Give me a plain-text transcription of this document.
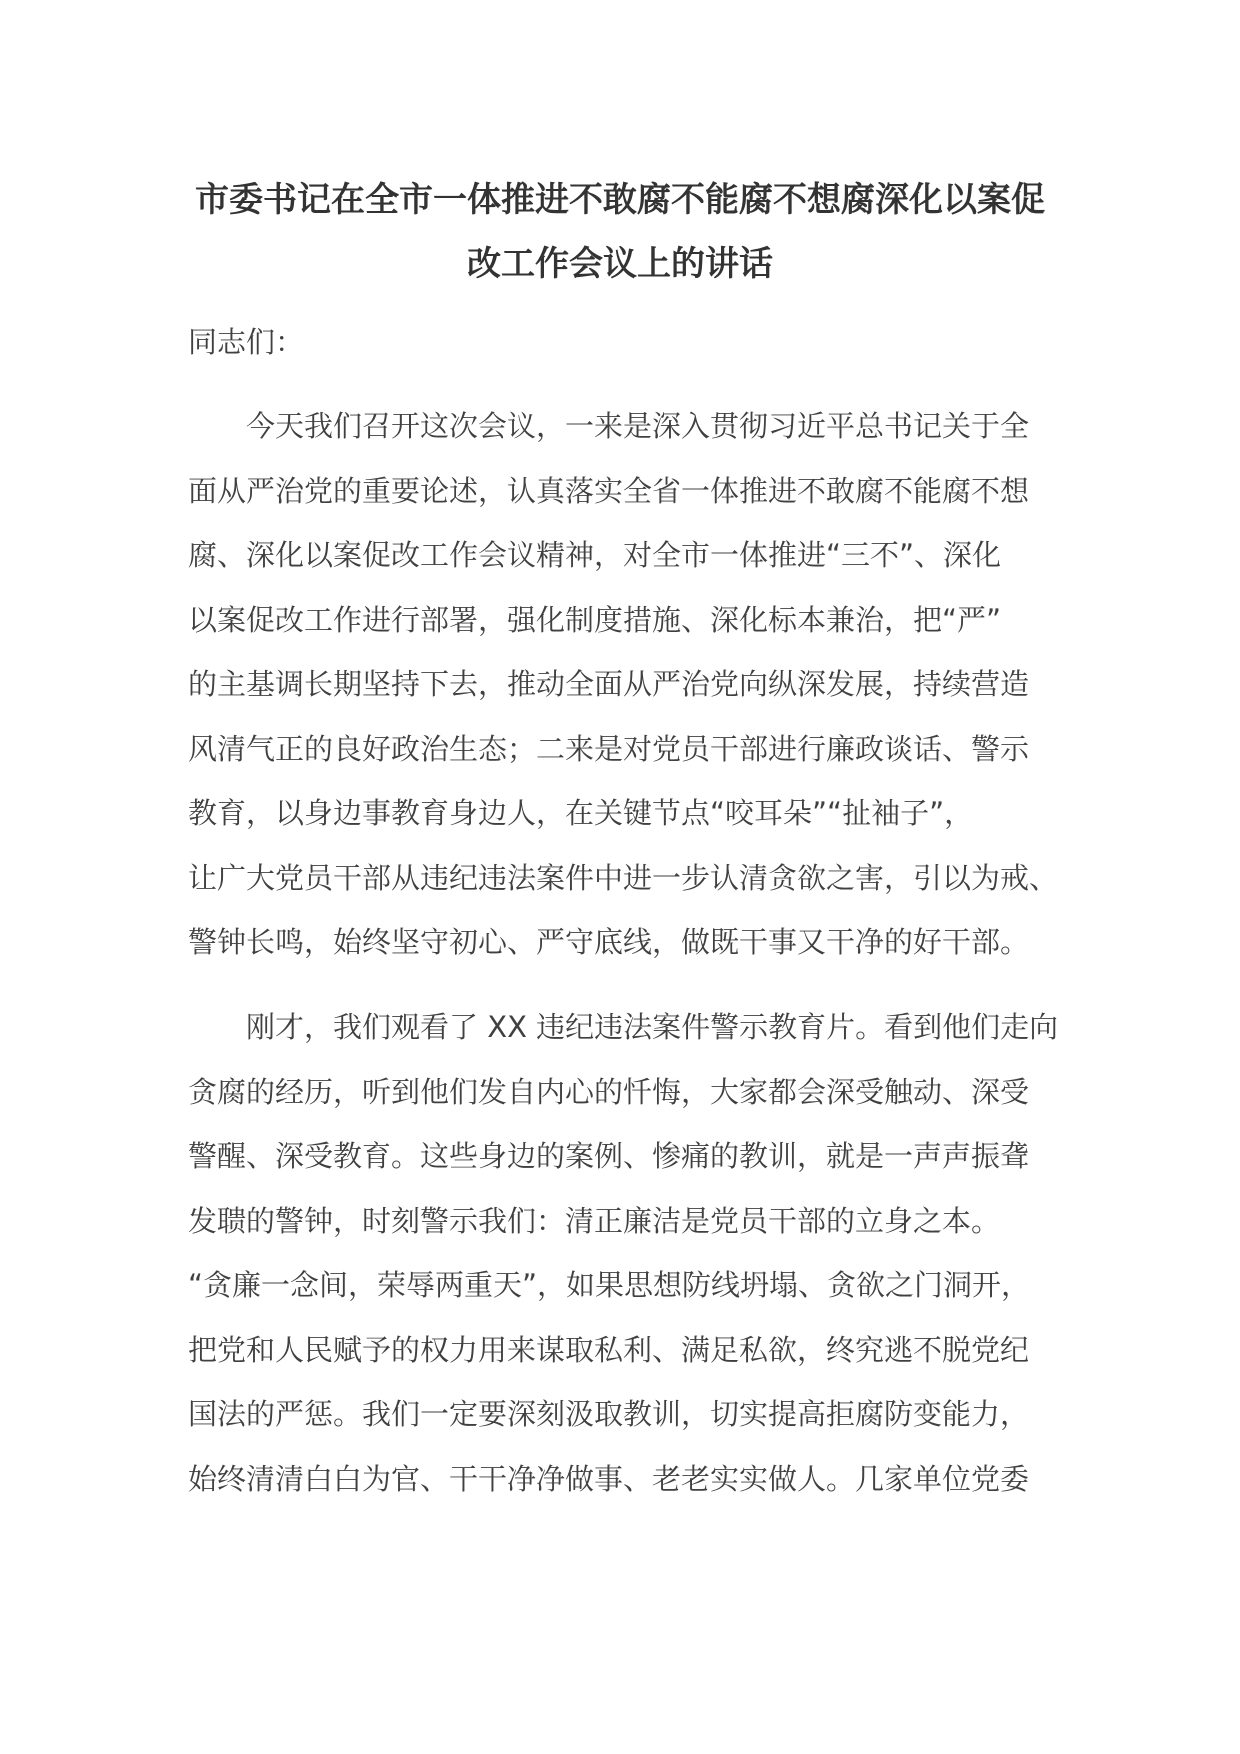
市委书记在全市一体推进不敢腐不能腐不想腐深化以案促
改工作会议上的讲话
同志们：
　　今天我们召开这次会议，一来是深入贯彻习近平总书记关于全
面从严治党的重要论述，认真落实全省一体推进不敢腐不能腐不想
腐、深化以案促改工作会议精神，对全市一体推进“三不”、深化
以案促改工作进行部署，强化制度措施、深化标本兼治，把“严”
的主基调长期坚持下去，推动全面从严治党向纵深发展，持续营造
风清气正的良好政治生态；二来是对党员干部进行廉政谈话、警示
教育，以身边事教育身边人，在关键节点“咬耳朵”“扯袖子”，
让广大党员干部从违纪违法案件中进一步认清贪欲之害，引以为戒、
警钟长鸣，始终坚守初心、严守底线，做既干事又干净的好干部。
　　刚才，我们观看了 XX 违纪违法案件警示教育片。看到他们走向
贪腐的经历，听到他们发自内心的忏悔，大家都会深受触动、深受
警醒、深受教育。这些身边的案例、惨痛的教训，就是一声声振聋
发聩的警钟，时刻警示我们：清正廉洁是党员干部的立身之本。
“贪廉一念间，荣辱两重天”，如果思想防线坍塌、贪欲之门洞开，
把党和人民赋予的权力用来谋取私利、满足私欲，终究逃不脱党纪
国法的严惩。我们一定要深刻汲取教训，切实提高拒腐防变能力，
始终清清白白为官、干干净净做事、老老实实做人。几家单位党委
